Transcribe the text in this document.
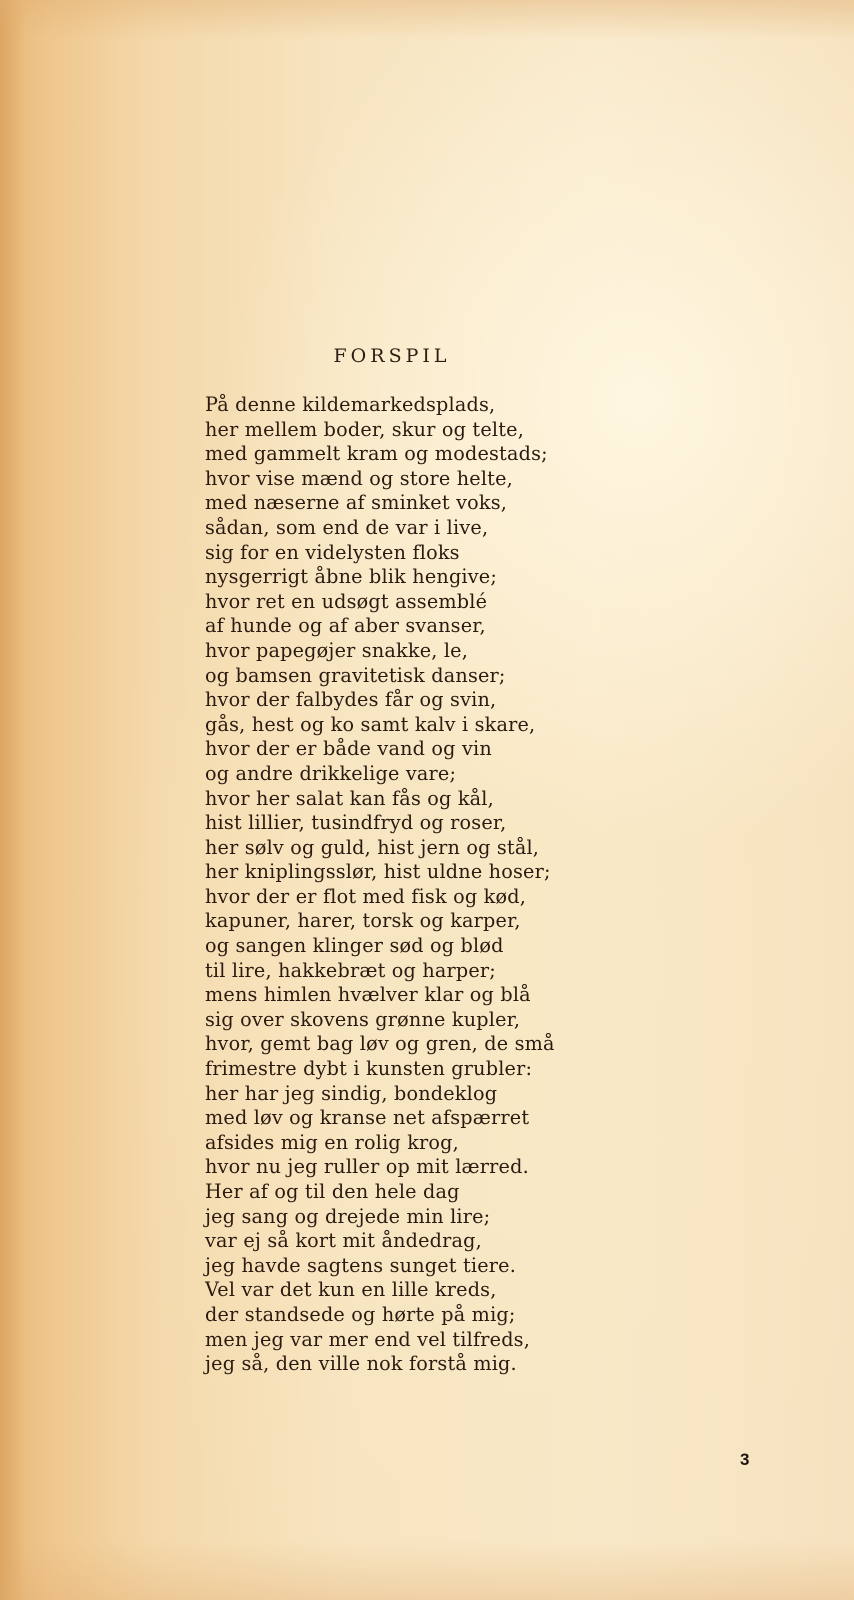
FORSPIL
På denne kildemarkedsplads,
her mellem boder, skur og telte,
med gammelt kram og modestads;
hvor vise mænd og store helte,
med næserne af sminket voks,
sådan, som end de var i live,
sig for en videlysten floks
nysgerrigt åbne blik hengive;
hvor ret en udsøgt assemblé
af hunde og af aber svanser,
hvor papegøjer snakke, le,
og bamsen gravitetisk danser;
hvor der falbydes får og svin,
gås, hest og ko samt kalv i skare,
hvor der er både vand og vin
og andre drikkelige vare;
hvor her salat kan fås og kål,
hist lillier, tusindfryd og roser,
her sølv og guld, hist jern og stål,
her kniplingsslør, hist uldne hoser;
hvor der er flot med fisk og kød,
kapuner, harer, torsk og karper,
og sangen klinger sød og blød
til lire, hakkebræt og harper;
mens himlen hvælver klar og blå
sig over skovens grønne kupler,
hvor, gemt bag løv og gren, de små
frimestre dybt i kunsten grubler:
her har jeg sindig, bondeklog
med løv og kranse net afspærret
afsides mig en rolig krog,
hvor nu jeg ruller op mit lærred.
Her af og til den hele dag
jeg sang og drejede min lire;
var ej så kort mit åndedrag,
jeg havde sagtens sunget tiere.
Vel var det kun en lille kreds,
der standsede og hørte på mig;
men jeg var mer end vel tilfreds,
jeg så, den ville nok forstå mig.
3
